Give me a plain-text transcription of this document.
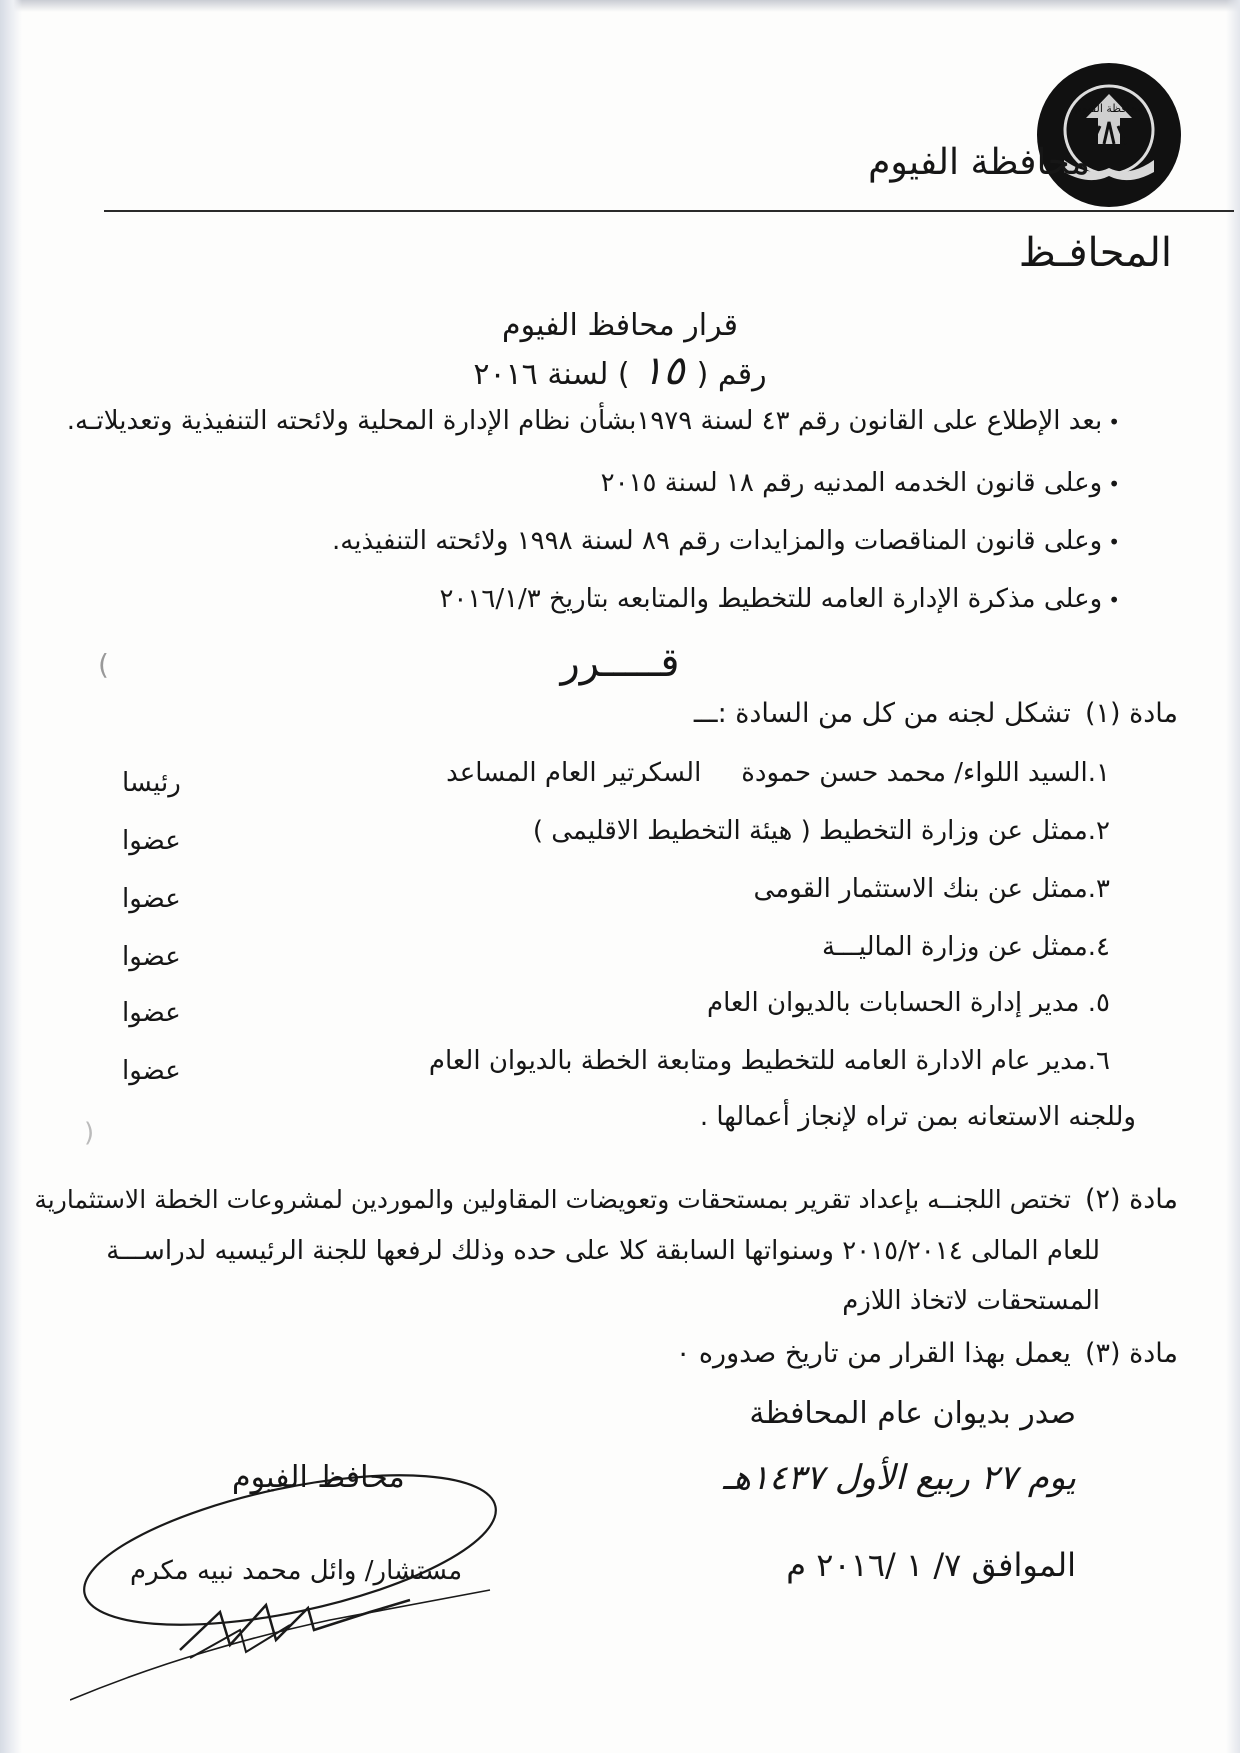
محافظة الفيوم
محافظة الفيوم
المحافـظ
قرار محافظ الفيوم
رقم (١٥) لسنة ٢٠١٦
•بعد الإطلاع على القانون رقم ٤٣ لسنة ١٩٧٩بشأن نظام الإدارة المحلية ولائحته التنفيذية وتعديلاتـه.
•وعلى قانون الخدمه المدنيه رقم ١٨ لسنة ٢٠١٥
•وعلى قانون المناقصات والمزايدات رقم ٨٩ لسنة ١٩٩٨ ولائحته التنفيذيه.
•وعلى مذكرة الإدارة العامه للتخطيط والمتابعه بتاريخ ٢٠١٦/١/٣
قـــــرر
)
مادة (١)تشكل لجنه من كل من السادة :ـــ
١.السيد اللواء/ محمد حسن حمودةالسكرتير العام المساعد
رئيسا
٢.ممثل عن وزارة التخطيط ( هيئة التخطيط الاقليمى )
عضوا
٣.ممثل عن بنك الاستثمار القومى
عضوا
٤.ممثل عن وزارة الماليـــة
عضوا
٥. مدير إدارة الحسابات بالديوان العام
عضوا
٦.مدير عام الادارة العامه للتخطيط ومتابعة الخطة بالديوان العام
عضوا
وللجنه الاستعانه بمن تراه لإنجاز أعمالها .
(
مادة (٢)تختص اللجنــه بإعداد تقرير بمستحقات وتعويضات المقاولين والموردين لمشروعات الخطة الاستثمارية
للعام المالى ٢٠١٥/٢٠١٤ وسنواتها السابقة كلا على حده وذلك لرفعها للجنة الرئيسيه لدراســـة
المستحقات لاتخاذ اللازم
مادة (٣)يعمل بهذا القرار من تاريخ صدوره ٠
صدر بديوان عام المحافظة
يوم ٢٧ ربيع الأول ١٤٣٧هـ
الموافق ٧/ ١ /٢٠١٦ م
محافظ الفيوم
مستشار/ وائل محمد نبيه مكرم
